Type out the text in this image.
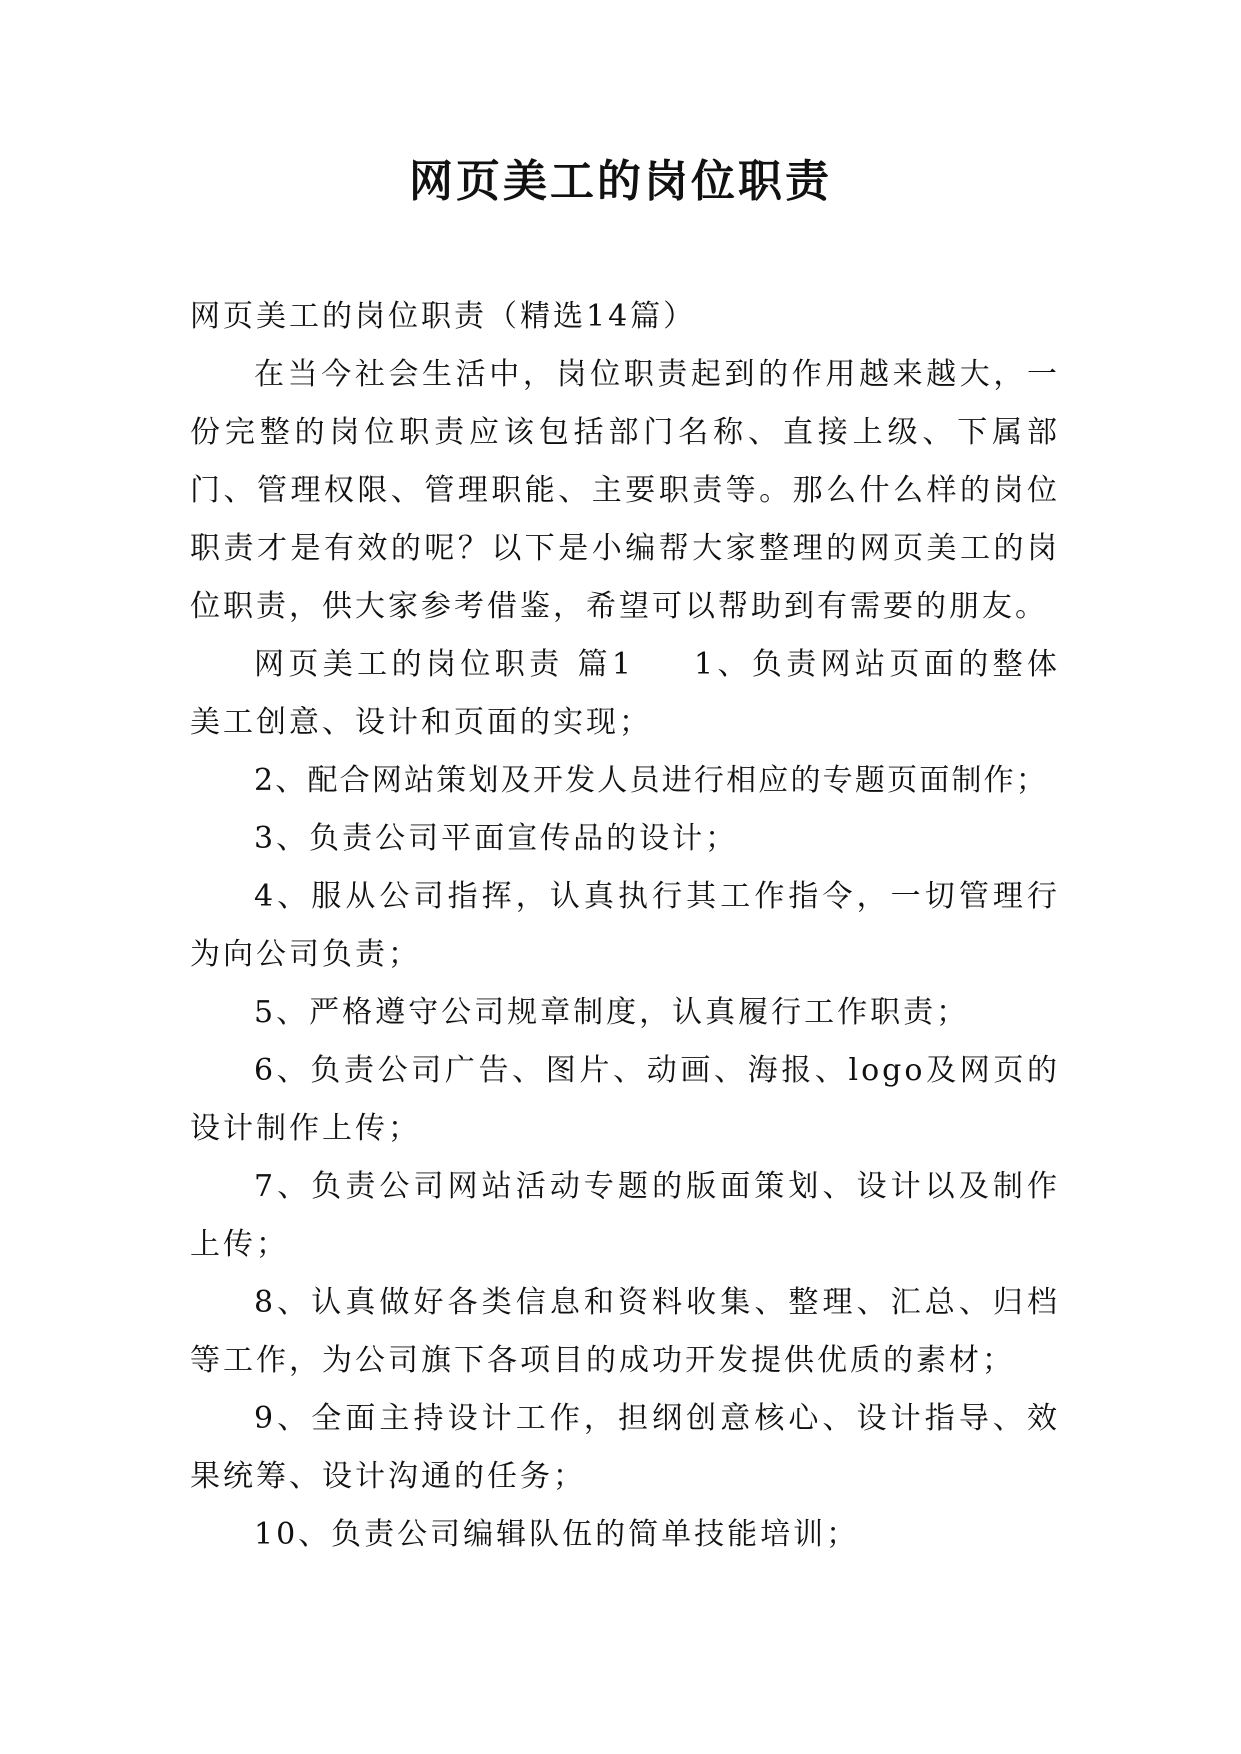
网页美工的岗位职责

网页美工的岗位职责（精选14篇）

在当今社会生活中，岗位职责起到的作用越来越大，一份完整的岗位职责应该包括部门名称、直接上级、下属部门、管理权限、管理职能、主要职责等。那么什么样的岗位职责才是有效的呢？以下是小编帮大家整理的网页美工的岗位职责，供大家参考借鉴，希望可以帮助到有需要的朋友。

网页美工的岗位职责 篇1 1、负责网站页面的整体美工创意、设计和页面的实现；

2、配合网站策划及开发人员进行相应的专题页面制作；

3、负责公司平面宣传品的设计；

4、服从公司指挥，认真执行其工作指令，一切管理行为向公司负责；

5、严格遵守公司规章制度，认真履行工作职责；

6、负责公司广告、图片、动画、海报、logo及网页的设计制作上传；

7、负责公司网站活动专题的版面策划、设计以及制作上传；

8、认真做好各类信息和资料收集、整理、汇总、归档等工作，为公司旗下各项目的成功开发提供优质的素材；

9、全面主持设计工作，担纲创意核心、设计指导、效果统筹、设计沟通的任务；

10、负责公司编辑队伍的简单技能培训；
